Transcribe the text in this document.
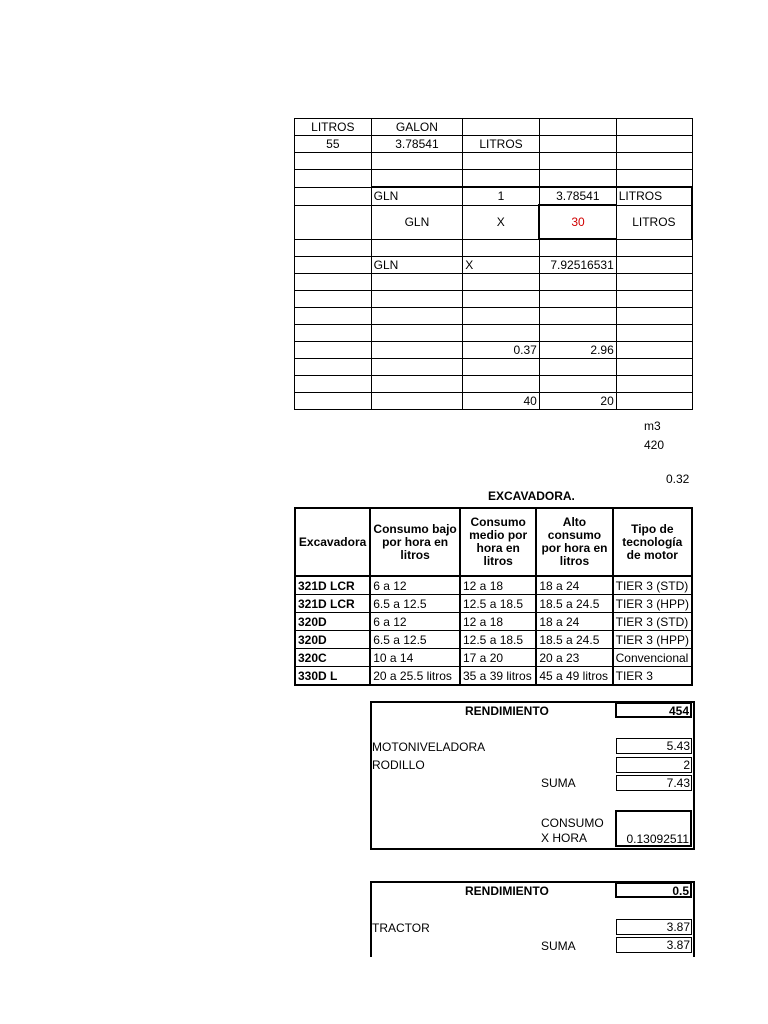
LITROS	GALON			
55	3.78541	LITROS		

	GLN	1	3.78541	LITROS
	GLN	X	30	LITROS

	GLN	X	7.92516531	

		0.37	2.96	

		40	20	
m3
420
0.32
EXCAVADORA.
Excavadora	Consumo bajo por hora en litros	Consumo medio por hora en litros	Alto consumo por hora en litros	Tipo de tecnología de motor
321D LCR	6 a 12	12 a 18	18 a 24	TIER 3 (STD)
321D LCR	6.5 a 12.5	12.5 a 18.5	18.5 a 24.5	TIER 3 (HPP)
320D	6 a 12	12 a 18	18 a 24	TIER 3 (STD)
320D	6.5 a 12.5	12.5 a 18.5	18.5 a 24.5	TIER 3 (HPP)
320C	10 a 14	17 a 20	20 a 23	Convencional
330D L	20 a 25.5 litros	35 a 39 litros	45 a 49 litros	TIER 3
RENDIMIENTO	454
MOTONIVELADORA	5.43
RODILLO	2
SUMA	7.43
CONSUMO
X HORA	0.13092511
RENDIMIENTO	0.5
TRACTOR	3.87
SUMA	3.87
